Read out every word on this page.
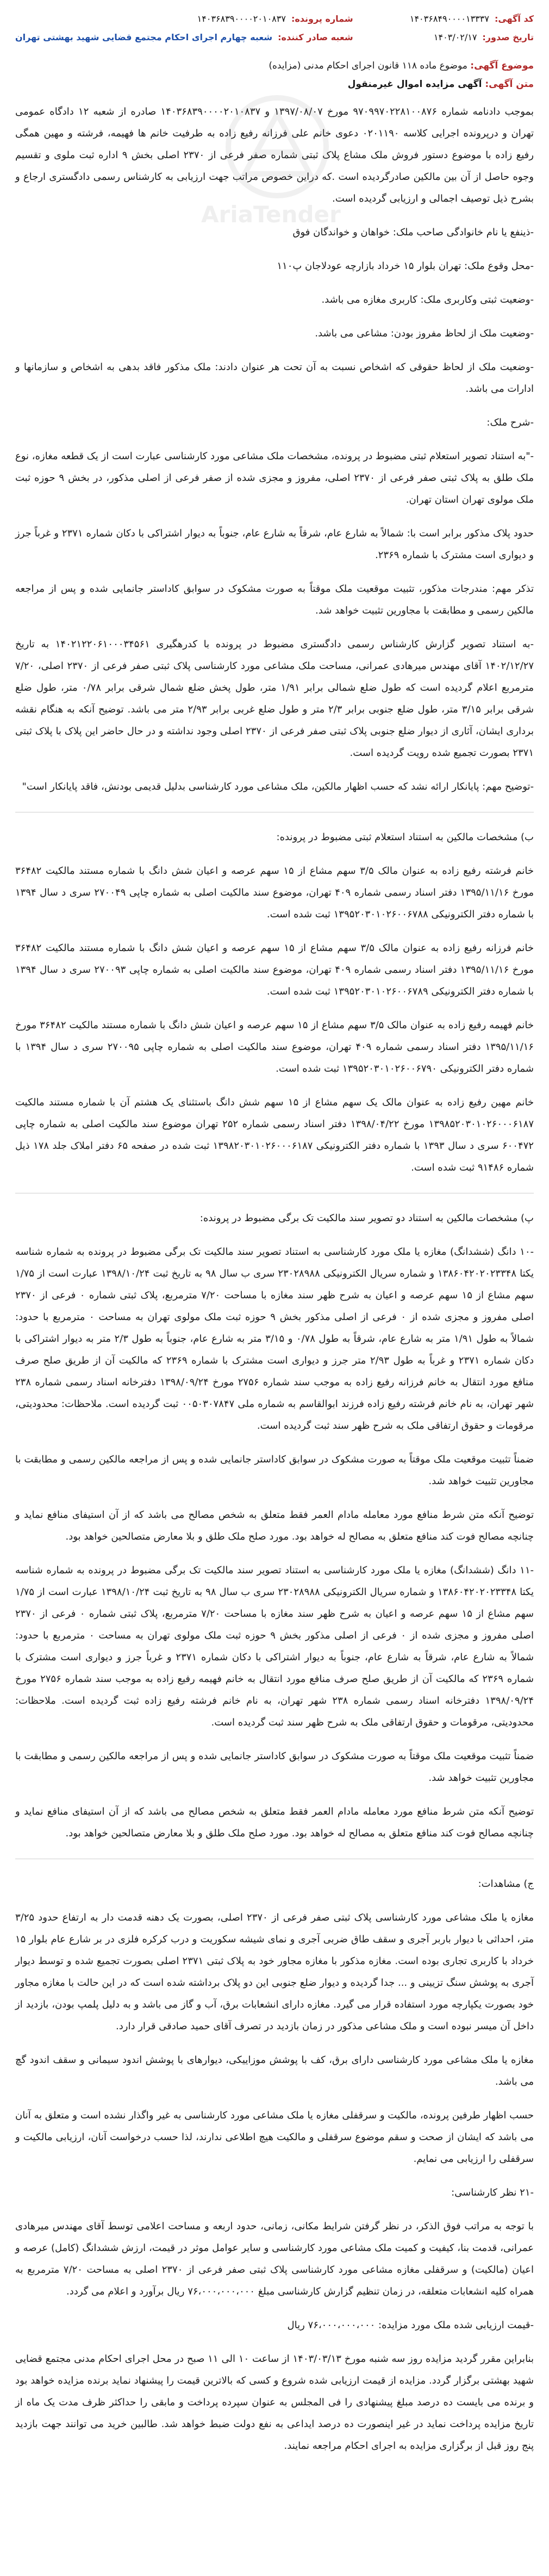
AriaTender
کد آگهی:
۱۴۰۳۶۸۴۹۰۰۰۰۱۳۳۳۷
تاریخ صدور:
۱۴۰۳/۰۲/۱۷
شماره پرونده:
۱۴۰۳۶۸۳۹۰۰۰۰۲۰۱۰۸۳۷
شعبه صادر کننده:
شعبه چهارم اجرای احکام مجتمع قضایی شهید بهشتی تهران
موضوع آگهی: موضوع ماده ۱۱۸ قانون اجرای احکام مدنی (مزایده)
متن آگهی: آگهی مزایده اموال غیرمنقول

بموجب دادنامه شماره ۹۷۰۹۹۷۰۲۲۸۱۰۰۸۷۶ مورخ ۱۳۹۷/۰۸/۰۷ و ۱۴۰۳۶۸۳۹۰۰۰۰۲۰۱۰۸۳۷ صادره از شعبه ۱۲ دادگاه عمومی تهران و درپرونده اجرایی کلاسه ۰۲۰۱۱۹۰ دعوی خانم علی فرزانه رفیع زاده به طرفیت خانم ها فهیمه، فرشته و مهین همگی رفیع زاده با موضوع دستور فروش ملک مشاع پلاک ثبتی شماره صفر فرعی از ۲۳۷۰ اصلی بخش ۹ اداره ثبت ملوی و تقسیم وجوه حاصل از آن بین مالکین صادرگردیده است .که دراین خصوص مراتب جهت ارزیابی به کارشناس رسمی دادگستری ارجاع و بشرح ذیل توصیف اجمالی و ارزیابی گردیده است.

-ذینفع یا نام خانوادگی صاحب ملک: خواهان و خواندگان فوق

-محل وقوع ملک: تهران بلوار ۱۵ خرداد بازارچه عودلاجان پ۱۱۰

-وضعیت ثبتی وکاربری ملک: کاربری مغازه می باشد.

-وضعیت ملک از لحاظ مفروز بودن: مشاعی می باشد.

-وضعیت ملک از لحاظ حقوقی که اشخاص نسبت به آن تحت هر عنوان دادند: ملک مذکور فاقد بدهی به اشخاص و سازمانها و ادارات می باشد.

-شرح ملک:

-"به استناد تصویر استعلام ثبتی مضبوط در پرونده، مشخصات ملک مشاعی مورد کارشناسی عبارت است از یک قطعه مغازه، نوع ملک طلق به پلاک ثبتی صفر فرعی از ۲۳۷۰ اصلی، مفروز و مجزی شده از صفر فرعی از اصلی مذکور، در بخش ۹ حوزه ثبت ملک مولوی تهران استان تهران.

حدود پلاک مذکور برابر است با: شمالاً به شارع عام، شرقاً به شارع عام، جنوباً به دیوار اشتراکی با دکان شماره ۲۳۷۱ و غرباً جرز و دیواری است مشترک با شماره ۲۳۶۹.

تذکر مهم: مندرجات مذکور، تثبیت موقعیت ملک موقتاً به صورت مشکوک در سوابق کاداستر جانمایی شده و پس از مراجعه مالکین رسمی و مطابقت با مجاورین تثبیت خواهد شد.

-به استناد تصویر گزارش کارشناس رسمی دادگستری مضبوط در پرونده با کدرهگیری ۱۴۰۲۱۲۲۰۶۱۰۰۰۳۴۵۶۱ به تاریخ ۱۴۰۲/۱۲/۲۷ آقای مهندس میرهادی عمرانی، مساحت ملک مشاعی مورد کارشناسی پلاک ثبتی صفر فرعی از ۲۳۷۰ اصلی، ۷/۲۰ مترمربع اعلام گردیده است که طول ضلع شمالی برابر ۱/۹۱ متر، طول پخش ضلع شمال شرقی برابر ۰/۷۸ متر، طول ضلع شرقی برابر ۳/۱۵ متر، طول ضلع جنوبی برابر ۲/۳ متر و طول ضلع غربی برابر ۲/۹۳ متر می باشد. توضیح آنکه به هنگام نقشه برداری ایشان، آثاری از دیوار ضلع جنوبی پلاک ثبتی صفر فرعی از ۲۳۷۰ اصلی وجود نداشته و در حال حاضر این پلاک با پلاک ثبتی ۲۳۷۱ بصورت تجمیع شده رویت گردیده است.

-توضیح مهم: پایانکار ارائه نشد که حسب اظهار مالکین، ملک مشاعی مورد کارشناسی بدلیل قدیمی بودنش، فاقد پایانکار است"

ب) مشخصات مالکین به استناد استعلام ثبتی مضبوط در پرونده:

خانم فرشته رفیع زاده به عنوان مالک ۳/۵ سهم مشاع از ۱۵ سهم عرصه و اعیان شش دانگ با شماره مستند مالکیت ۳۶۴۸۲ مورخ ۱۳۹۵/۱۱/۱۶ دفتر اسناد رسمی شماره ۴۰۹ تهران، موضوع سند مالکیت اصلی به شماره چاپی ۲۷۰۰۴۹ سری د سال ۱۳۹۴ با شماره دفتر الکترونیکی ۱۳۹۵۲۰۳۰۱۰۲۶۰۰۶۷۸۸ ثبت شده است.

خانم فرزانه رفیع زاده به عنوان مالک ۳/۵ سهم مشاع از ۱۵ سهم عرصه و اعیان شش دانگ با شماره مستند مالکیت ۳۶۴۸۲ مورخ ۱۳۹۵/۱۱/۱۶ دفتر اسناد رسمی شماره ۴۰۹ تهران، موضوع سند مالکیت اصلی به شماره چاپی ۲۷۰۰۹۳ سری د سال ۱۳۹۴ با شماره دفتر الکترونیکی ۱۳۹۵۲۰۳۰۱۰۲۶۰۰۶۷۸۹ ثبت شده است.

خانم فهیمه رفیع زاده به عنوان مالک ۳/۵ سهم مشاع از ۱۵ سهم عرصه و اعیان شش دانگ با شماره مستند مالکیت ۳۶۴۸۲ مورخ ۱۳۹۵/۱۱/۱۶ دفتر اسناد رسمی شماره ۴۰۹ تهران، موضوع سند مالکیت اصلی به شماره چاپی ۲۷۰۰۹۵ سری د سال ۱۳۹۴ با شماره دفتر الکترونیکی ۱۳۹۵۲۰۳۰۱۰۲۶۰۰۶۷۹۰ ثبت شده است.

خانم مهین رفیع زاده به عنوان مالک یک سهم مشاع از ۱۵ سهم شش دانگ باستثنای یک هشتم آن با شماره مستند مالکیت ۱۳۹۸۵۲۰۳۰۱۰۲۶۰۰۰۶۱۸۷ مورخ ۱۳۹۸/۰۴/۲۲ دفتر اسناد رسمی شماره ۲۵۲ تهران موضوع سند مالکیت اصلی به شماره چاپی ۶۰۰۴۷۲ سری د سال ۱۳۹۳ با شماره دفتر الکترونیکی ۱۳۹۸۲۰۳۰۱۰۲۶۰۰۰۶۱۸۷ ثبت شده در صفحه ۶۵ دفتر املاک جلد ۱۷۸ ذیل شماره ۹۱۴۸۶ ثبت شده است.

پ) مشخصات مالکین به استناد دو تصویر سند مالکیت تک برگی مضبوط در پرونده:

-۱۰ دانگ (ششدانگ) مغازه یا ملک مورد کارشناسی به استناد تصویر سند مالکیت تک برگی مضبوط در پرونده به شماره شناسه یکتا ۱۳۸۶۰۴۲۰۲۰۲۳۳۴۸ و شماره سریال الکترونیکی ۲۳۰۲۸۹۸۸ سری ب سال ۹۸ به تاریخ ثبت ۱۳۹۸/۱۰/۲۴ عبارت است از ۱/۷۵ سهم مشاع از ۱۵ سهم عرصه و اعیان به شرح ظهر سند مغازه با مساحت ۷/۲۰ مترمربع، پلاک ثبتی شماره ۰ فرعی از ۲۳۷۰ اصلی مفروز و مجزی شده از ۰ فرعی از اصلی مذکور بخش ۹ حوزه ثبت ملک مولوی تهران به مساحت ۰ مترمربع با حدود: شمالاً به طول ۱/۹۱ متر به شارع عام، شرقاً به طول ۰/۷۸ و ۳/۱۵ متر به شارع عام، جنوباً به طول ۲/۳ متر به دیوار اشتراکی با دکان شماره ۲۳۷۱ و غرباً به طول ۲/۹۳ متر جرز و دیواری است مشترک با شماره ۲۳۶۹ که مالکیت آن از طریق صلح صرف منافع مورد انتقال به خانم فرزانه رفیع زاده به موجب سند شماره ۲۷۵۶ مورخ ۱۳۹۸/۰۹/۲۴ دفترخانه اسناد رسمی شماره ۲۳۸ شهر تهران، به نام خانم فرشته رفیع زاده فرزند ابوالقاسم به شماره ملی ۰۰۵۰۳۰۷۸۴۷ ثبت گردیده است. ملاحظات: محدودیتی، مرقومات و حقوق ارتفاقی ملک به شرح ظهر سند ثبت گردیده است.

ضمناً تثبیت موقعیت ملک موقتاً به صورت مشکوک در سوابق کاداستر جانمایی شده و پس از مراجعه مالکین رسمی و مطابقت با مجاورین تثبیت خواهد شد.

توضیح آنکه متن شرط منافع مورد معامله مادام العمر فقط متعلق به شخص مصالح می باشد که از آن استیفای منافع نماید و چنانچه مصالح فوت کند منافع متعلق به مصالح له خواهد بود. مورد صلح ملک طلق و بلا معارض متصالحین خواهد بود.

-۱۱ دانگ (ششدانگ) مغازه یا ملک مورد کارشناسی به استناد تصویر سند مالکیت تک برگی مضبوط در پرونده به شماره شناسه یکتا ۱۳۸۶۰۴۲۰۲۰۲۳۳۴۸ و شماره سریال الکترونیکی ۲۳۰۲۸۹۸۸ سری ب سال ۹۸ به تاریخ ثبت ۱۳۹۸/۱۰/۲۴ عبارت است از ۱/۷۵ سهم مشاع از ۱۵ سهم عرصه و اعیان به شرح ظهر سند مغازه با مساحت ۷/۲۰ مترمربع، پلاک ثبتی شماره ۰ فرعی از ۲۳۷۰ اصلی مفروز و مجزی شده از ۰ فرعی از اصلی مذکور بخش ۹ حوزه ثبت ملک مولوی تهران به مساحت ۰ مترمربع با حدود: شمالاً به شارع عام، شرقاً به شارع عام، جنوباً به دیوار اشتراکی با دکان شماره ۲۳۷۱ و غرباً جرز و دیواری است مشترک با شماره ۲۳۶۹ که مالکیت آن از طریق صلح صرف منافع مورد انتقال به خانم فهیمه رفیع زاده به موجب سند شماره ۲۷۵۶ مورخ ۱۳۹۸/۰۹/۲۴ دفترخانه اسناد رسمی شماره ۲۳۸ شهر تهران، به نام خانم فرشته رفیع زاده ثبت گردیده است. ملاحظات: محدودیتی، مرقومات و حقوق ارتفاقی ملک به شرح ظهر سند ثبت گردیده است.

ضمناً تثبیت موقعیت ملک موقتاً به صورت مشکوک در سوابق کاداستر جانمایی شده و پس از مراجعه مالکین رسمی و مطابقت با مجاورین تثبیت خواهد شد.

توضیح آنکه متن شرط منافع مورد معامله مادام العمر فقط متعلق به شخص مصالح می باشد که از آن استیفای منافع نماید و چنانچه مصالح فوت کند منافع متعلق به مصالح له خواهد بود. مورد صلح ملک طلق و بلا معارض متصالحین خواهد بود.

ج) مشاهدات:

مغازه یا ملک مشاعی مورد کارشناسی پلاک ثبتی صفر فرعی از ۲۳۷۰ اصلی، بصورت یک دهنه قدمت دار به ارتفاع حدود ۳/۲۵ متر، احداثی با دیوار باربر آجری و سقف طاق ضربی آجری و نمای شیشه سکوریت و درب کرکره فلزی در بر شارع عام بلوار ۱۵ خرداد با کاربری تجاری بوده است. مغازه مذکور با مغازه مجاور خود به پلاک ثبتی ۲۳۷۱ اصلی بصورت تجمیع شده و توسط دیوار آجری به پوشش سنگ تزیینی و ... جدا گردیده و دیوار ضلع جنوبی این دو پلاک برداشته شده است که در این حالت با مغازه مجاور خود بصورت یکپارچه مورد استفاده قرار می گیرد. مغازه دارای انشعابات برق، آب و گاز می باشد و به دلیل پلمپ بودن، بازدید از داخل آن میسر نبوده است و ملک مشاعی مذکور در زمان بازدید در تصرف آقای حمید صادقی قرار دارد.

مغازه یا ملک مشاعی مورد کارشناسی دارای برق، کف با پوشش موزاییکی، دیوارهای با پوشش اندود سیمانی و سقف اندود گچ می باشد.

حسب اظهار طرفین پرونده، مالکیت و سرقفلی مغازه یا ملک مشاعی مورد کارشناسی به غیر واگذار نشده است و متعلق به آنان می باشد که ایشان از صحت و سقم موضوع سرقفلی و مالکیت هیچ اطلاعی ندارند، لذا حسب درخواست آنان، ارزیابی مالکیت و سرقفلی را ارزیابی می نمایم.

-۲۱ نظر کارشناسی:

با توجه به مراتب فوق الذکر، در نظر گرفتن شرایط مکانی، زمانی، حدود اربعه و مساحت اعلامی توسط آقای مهندس میرهادی عمرانی، قدمت بنا، کیفیت و کمیت ملک مشاعی مورد کارشناسی و سایر عوامل موثر در قیمت، ارزش ششدانگ (کامل) عرصه و اعیان (مالکیت) و سرقفلی مغازه مشاعی مورد کارشناسی پلاک ثبتی صفر فرعی از ۲۳۷۰ اصلی به مساحت ۷/۲۰ مترمربع به همراه کلیه انشعابات متعلقه، در زمان تنظیم گزارش کارشناسی مبلغ ۷۶،۰۰۰،۰۰۰،۰۰۰ ریال برآورد و اعلام می گردد.

-قیمت ارزیابی شده ملک مورد مزایده: ۷۶،۰۰۰،۰۰۰،۰۰۰ ریال

بنابراین مقرر گردید مزایده روز سه شنبه مورخ ۱۴۰۳/۰۳/۱۳ از ساعت ۱۰ الی ۱۱ صبح در محل اجرای احکام مدنی مجتمع قضایی شهید بهشتی برگزار گردد. مزایده از قیمت ارزیابی شده شروع و کسی که بالاترین قیمت را پیشنهاد نماید برنده مزایده خواهد بود و برنده می بایست ده درصد مبلغ پیشنهادی را فی المجلس به عنوان سپرده پرداخت و مابقی را حداکثر ظرف مدت یک ماه از تاریخ مزایده پرداخت نماید در غیر اینصورت ده درصد ایداعی به نفع دولت ضبط خواهد شد. طالبین خرید می توانند جهت بازدید پنج روز قبل از برگزاری مزایده به اجرای احکام مراجعه نمایند.
